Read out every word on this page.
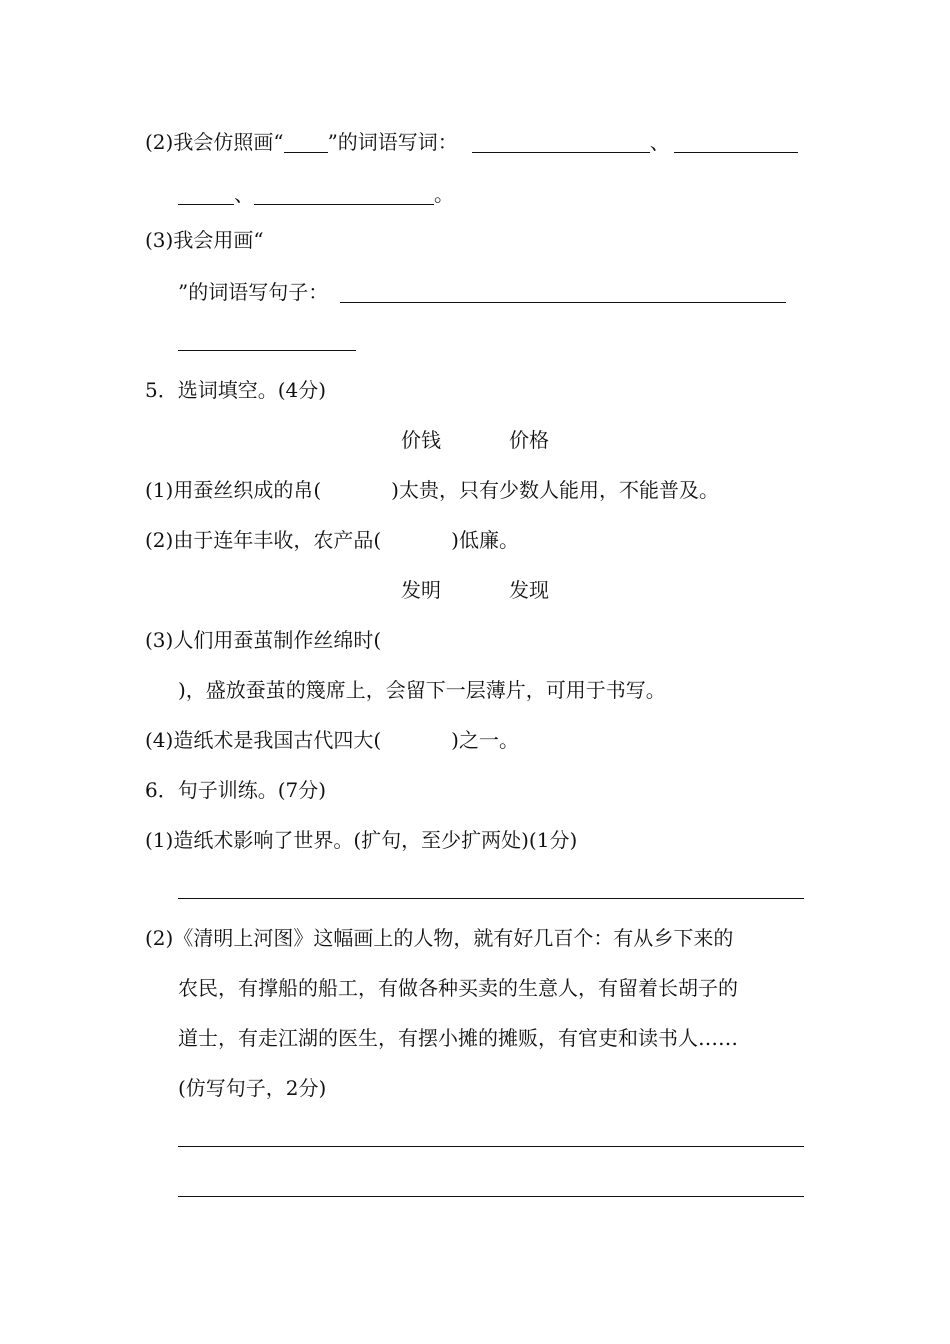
(2)我会仿照画“ ”的词语写词：	、
、	。
(3)我会用画“
”的词语写句子：
5．选词填空。(4分)
价钱	价格
(1)用蚕丝织成的帛(	)太贵，只有少数人能用，不能普及。
(2)由于连年丰收，农产品(	)低廉。
发明	发现
(3)人们用蚕茧制作丝绵时(
)，盛放蚕茧的篾席上，会留下一层薄片，可用于书写。
(4)造纸术是我国古代四大(	)之一。
6．句子训练。(7分)
(1)造纸术影响了世界。(扩句，至少扩两处)(1分)
(2)《清明上河图》这幅画上的人物，就有好几百个：有从乡下来的
农民，有撑船的船工，有做各种买卖的生意人，有留着长胡子的
道士，有走江湖的医生，有摆小摊的摊贩，有官吏和读书人……
(仿写句子，2分)
